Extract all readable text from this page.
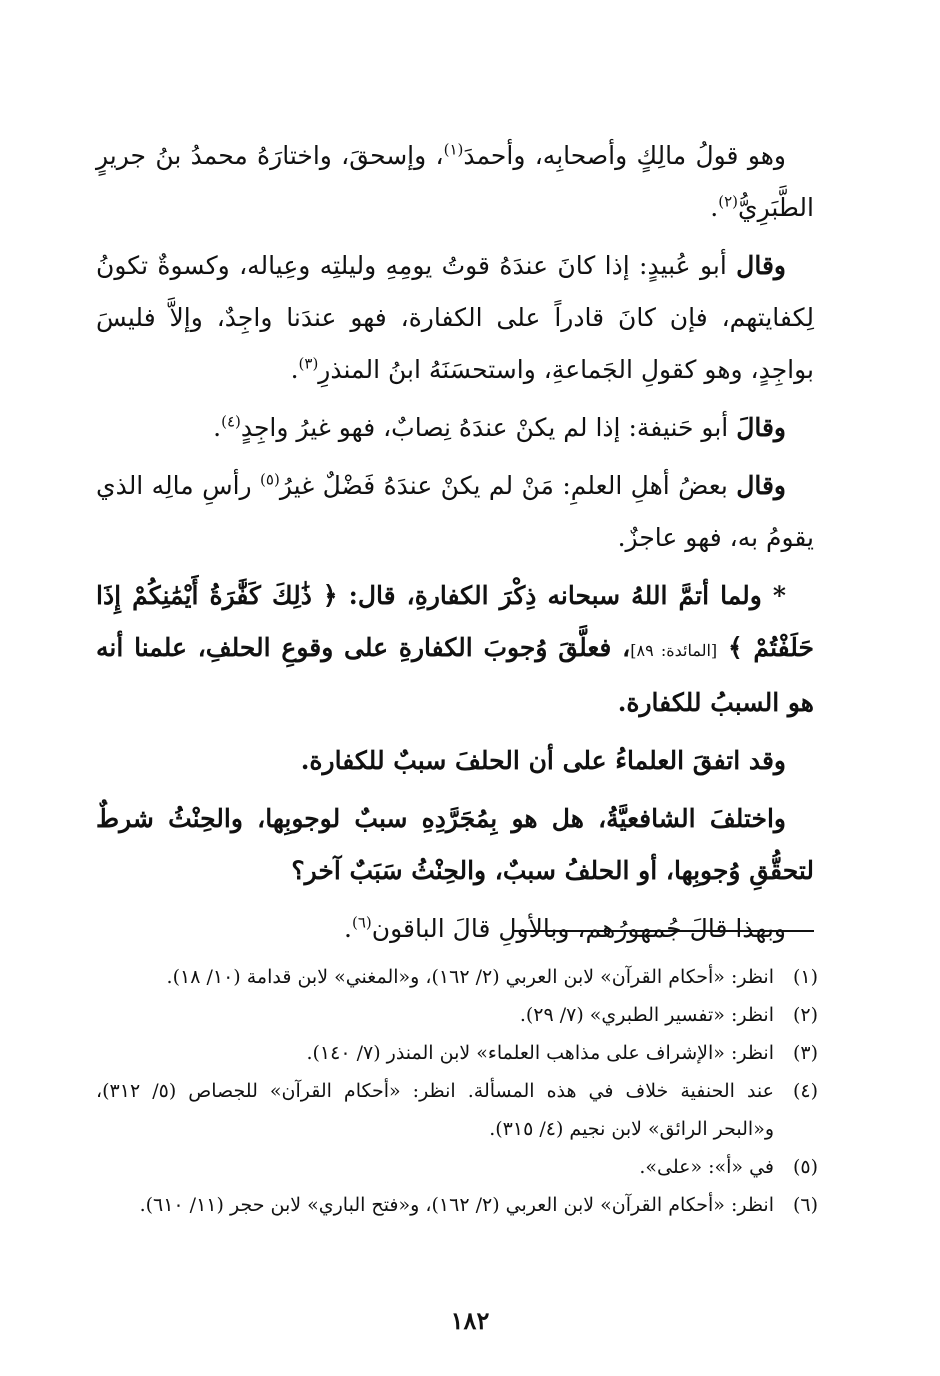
وهو قولُ مالِكٍ وأصحابِه، وأحمدَ$^{(١)}$، وإسحقَ، واختارَهُ محمدُ بنُ جريرٍ الطَّبَرِيُّ$^{(٢)}$.

وقال أبو عُبيدٍ: إذا كانَ عندَهُ قوتُ يومِهِ وليلتِه وعِياله، وكسوةٌ تكونُ لِكفايتهم، فإن كانَ قادراً على الكفارة، فهو عندَنا واجِدٌ، وإلاَّ فليسَ بواجِدٍ، وهو كقولِ الجَماعةِ، واستحسَنَهُ ابنُ المنذرِ$^{(٣)}$.

وقالَ أبو حَنيفة: إذا لم يكنْ عندَهُ نِصابٌ، فهو غيرُ واجِدٍ$^{(٤)}$.

وقال بعضُ أهلِ العلمِ: مَنْ لم يكنْ عندَهُ فَضْلٌ غيرُ$^{(٥)}$ رأسِ مالِه الذي يقومُ به، فهو عاجزٌ.

* ولما أتمَّ اللهُ سبحانه ذِكْرَ الكفارةِ، قال: ﴿ ذَٰلِكَ كَفَّٰرَةُ أَيْمَٰنِكُمْ إِذَا حَلَفْتُمْ ﴾ [المائدة: ٨٩]، فعلَّقَ وُجوبَ الكفارةِ على وقوعِ الحلفِ، علمنا أنه هو السببُ للكفارة.

وقد اتفقَ العلماءُ على أن الحلفَ سببٌ للكفارة.

واختلفَ الشافعيَّةُ، هل هو بِمُجَرَّدِهِ سببٌ لوجوبِها، والحِنْثُ شرطٌ لتحقُّقِ وُجوبِها، أو الحلفُ سببٌ، والحِنْثُ سَبَبٌ آخر؟

وبهذا قالَ جُمهورُهم، وبالأولِ قالَ الباقون$^{(٦)}$.

(١)
انظر: «أحكام القرآن» لابن العربي (٢/ ١٦٢)، و«المغني» لابن قدامة (١٠/ ١٨).
(٢)
انظر: «تفسير الطبري» (٧/ ٢٩).
(٣)
انظر: «الإشراف على مذاهب العلماء» لابن المنذر (٧/ ١٤٠).
(٤)
عند الحنفية خلاف في هذه المسألة. انظر: «أحكام القرآن» للجصاص (٥/ ٣١٢)، و«البحر الرائق» لابن نجيم (٤/ ٣١٥).
(٥)
في «أ»: «على».
(٦)
انظر: «أحكام القرآن» لابن العربي (٢/ ١٦٢)، و«فتح الباري» لابن حجر (١١/ ٦١٠).
١٨٢
